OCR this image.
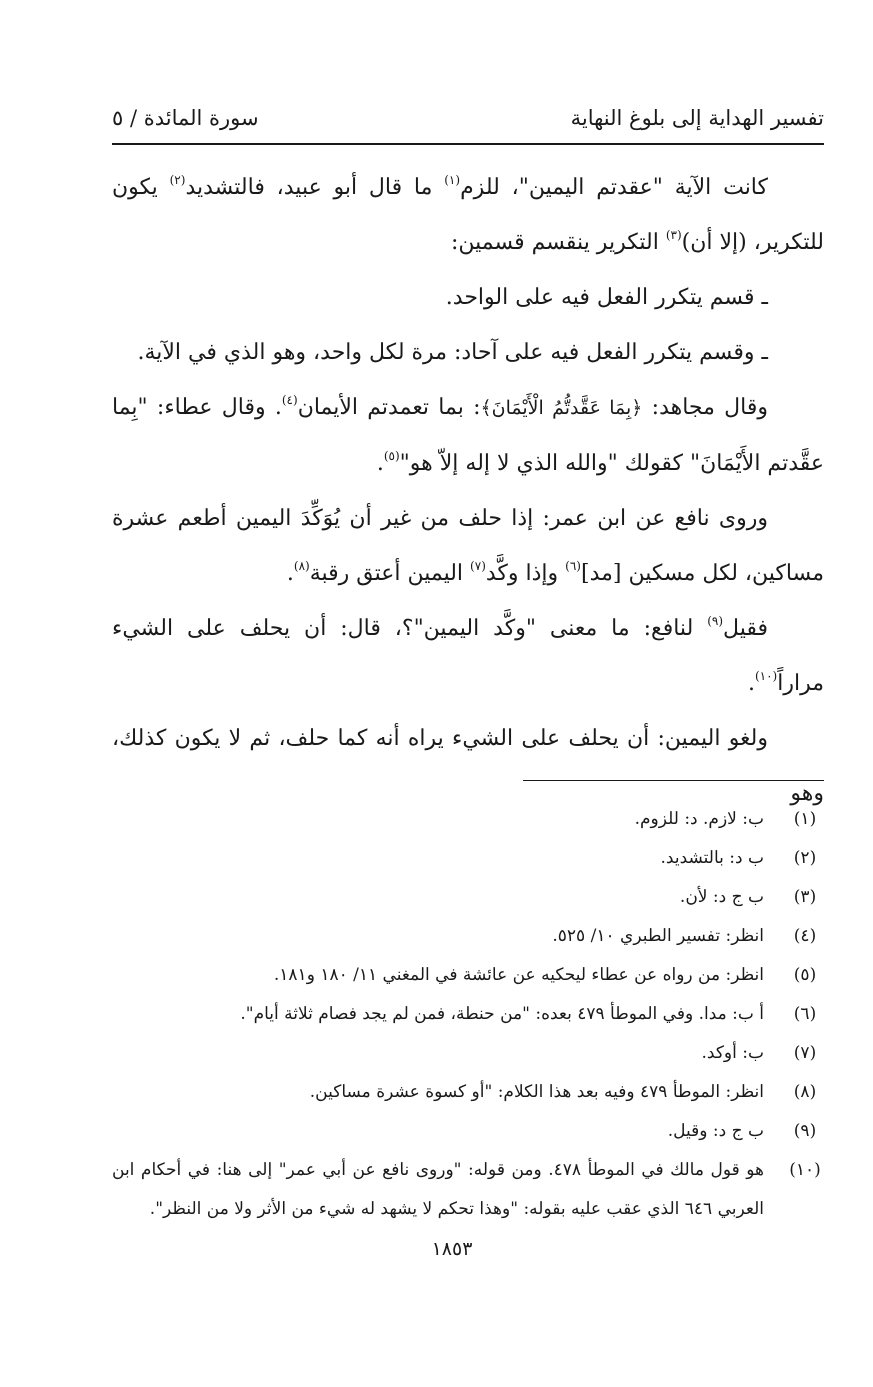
تفسير الهداية إلى بلوغ النهاية
سورة المائدة / ٥

كانت الآية "عقدتم اليمين"، للزم$^{(١)}$ ما قال أبو عبيد، فالتشديد$^{(٢)}$ يكون للتكرير، (إلا أن)$^{(٣)}$ التكرير ينقسم قسمين:

ـ قسم يتكرر الفعل فيه على الواحد.

ـ وقسم يتكرر الفعل فيه على آحاد: مرة لكل واحد، وهو الذي في الآية.

وقال مجاهد: ﴿بِمَا عَقَّدتُّمُ الْأَيْمَانَ﴾: بما تعمدتم الأيمان$^{(٤)}$. وقال عطاء: "بِما عقَّدتم الأَيْمَانَ" كقولك "والله الذي لا إله إلاّ هو"$^{(٥)}$.

وروى نافع عن ابن عمر: إذا حلف من غير أن يُوَكِّدَ اليمين أطعم عشرة مساكين، لكل مسكين [مد]$^{(٦)}$ وإذا وكَّد$^{(٧)}$ اليمين أعتق رقبة$^{(٨)}$.

فقيل$^{(٩)}$ لنافع: ما معنى "وكَّد اليمين"؟، قال: أن يحلف على الشيء مراراً$^{(١٠)}$.

ولغو اليمين: أن يحلف على الشيء يراه أنه كما حلف، ثم لا يكون كذلك، وهو

(١)
ب: لازم. د: للزوم.
(٢)
ب د: بالتشديد.
(٣)
ب ج د: لأن.
(٤)
انظر: تفسير الطبري ١٠/ ٥٢٥.
(٥)
انظر: من رواه عن عطاء ليحكيه عن عائشة في المغني ١١/ ١٨٠ و١٨١.
(٦)
أ ب: مدا. وفي الموطأ ٤٧٩ بعده: "من حنطة، فمن لم يجد فصام ثلاثة أيام".
(٧)
ب: أوكد.
(٨)
انظر: الموطأ ٤٧٩ وفيه بعد هذا الكلام: "أو كسوة عشرة مساكين.
(٩)
ب ج د: وقيل.
(١٠)
هو قول مالك في الموطأ ٤٧٨. ومن قوله: "وروى نافع عن أبي عمر" إلى هنا: في أحكام ابن العربي ٦٤٦ الذي عقب عليه بقوله: "وهذا تحكم لا يشهد له شيء من الأثر ولا من النظر".
١٨٥٣
